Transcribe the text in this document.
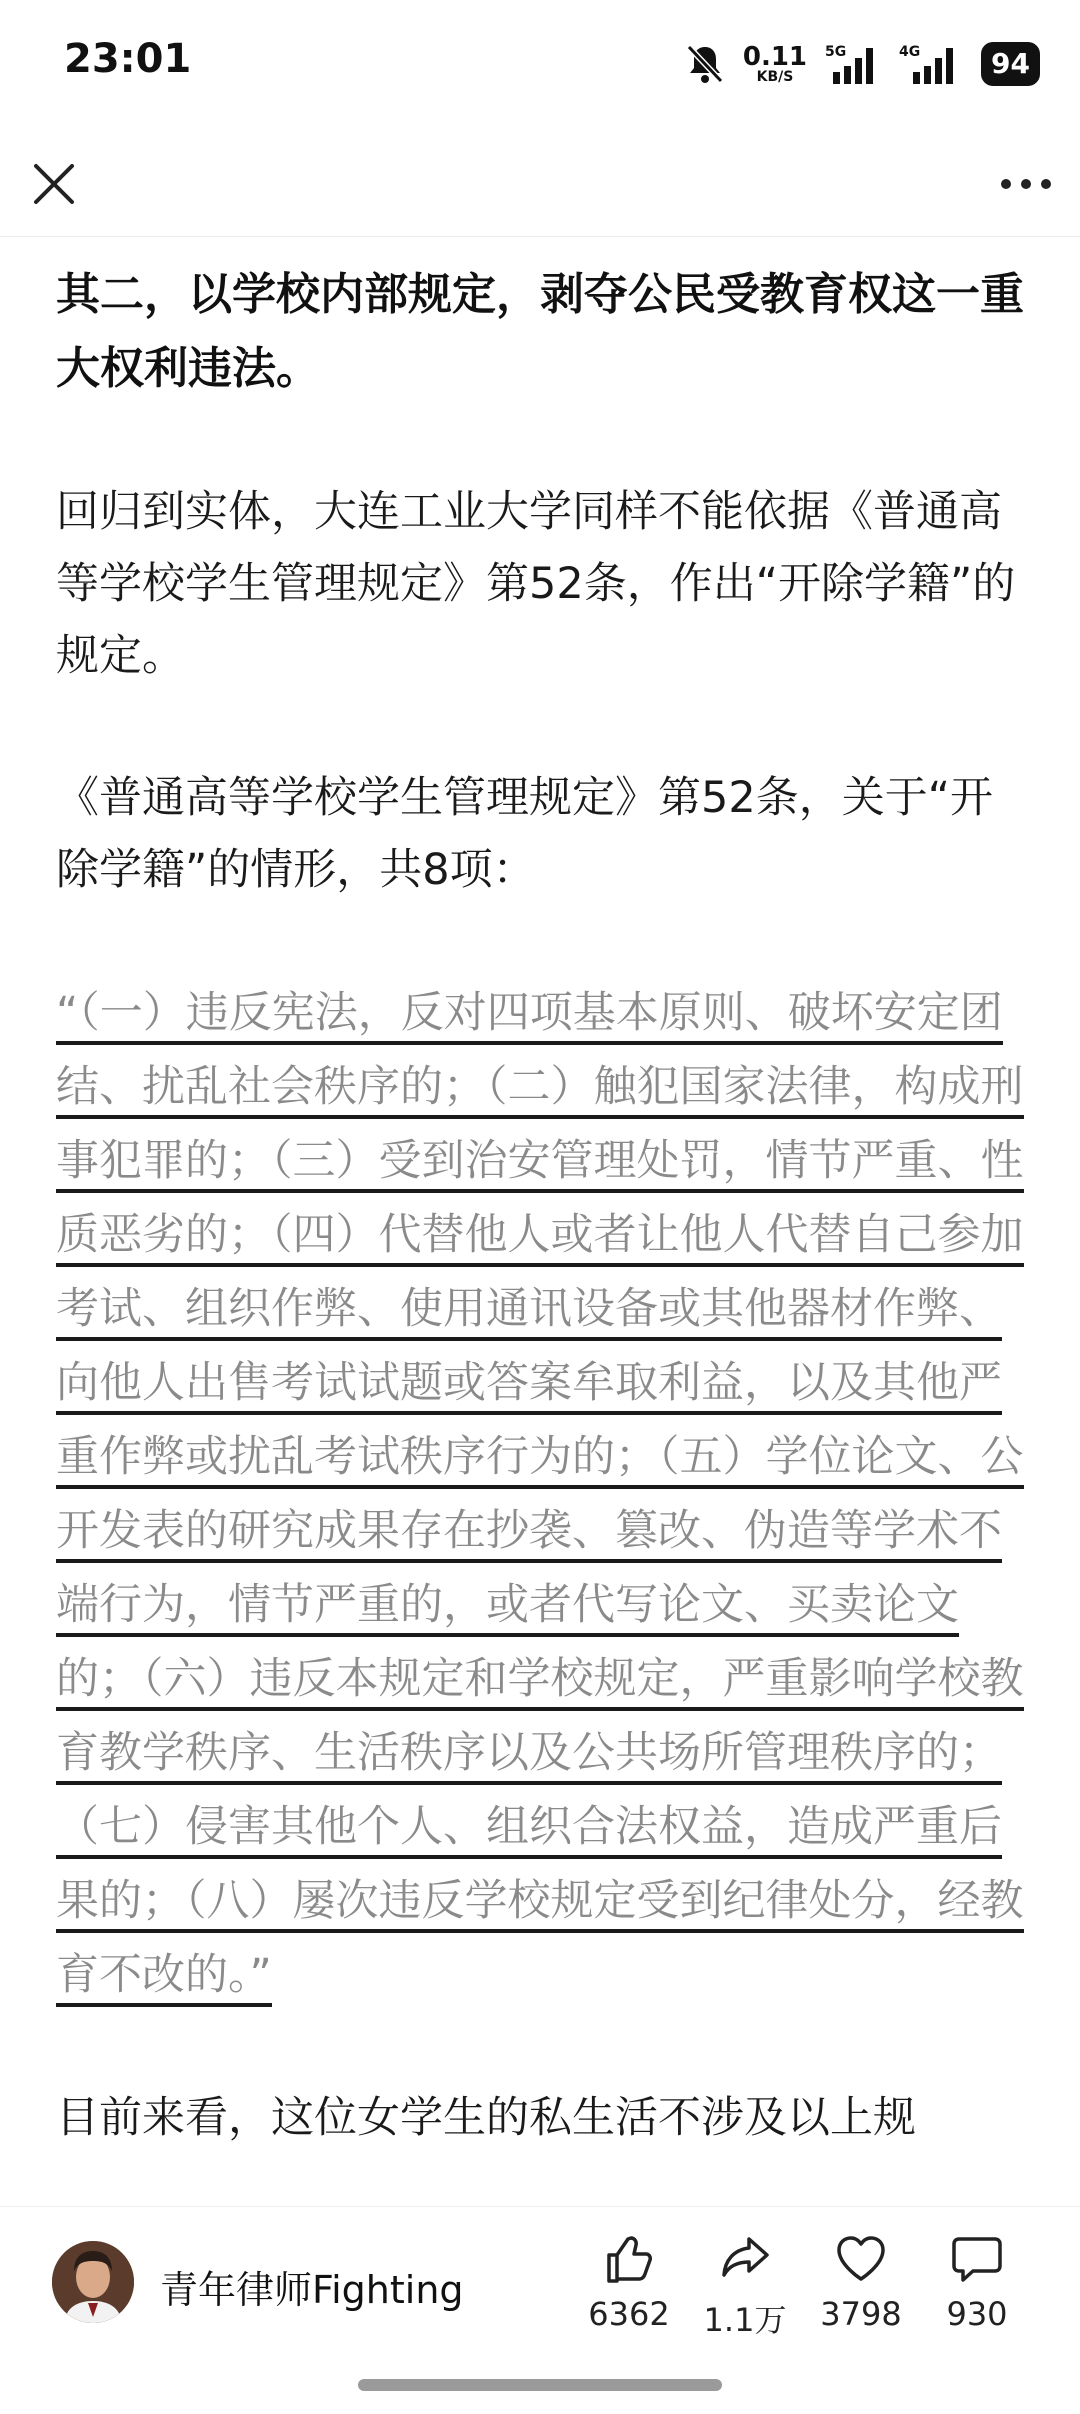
23:01	0.11
KB/S
5G	4G	94

其二，以学校内部规定，剥夺公民受教育权这一重大权利违法。

回归到实体，大连工业大学同样不能依据《普通高等学校学生管理规定》第52条，作出“开除学籍”的规定。

《普通高等学校学生管理规定》第52条，关于“开除学籍”的情形，共8项：

“（一）违反宪法，反对四项基本原则、破坏安定团结、扰乱社会秩序的；（二）触犯国家法律，构成刑事犯罪的；（三）受到治安管理处罚，情节严重、性质恶劣的；（四）代替他人或者让他人代替自己参加考试、组织作弊、使用通讯设备或其他器材作弊、向他人出售考试试题或答案牟取利益，以及其他严重作弊或扰乱考试秩序行为的；（五）学位论文、公开发表的研究成果存在抄袭、篡改、伪造等学术不端行为，情节严重的，或者代写论文、买卖论文的；（六）违反本规定和学校规定，严重影响学校教育教学秩序、生活秩序以及公共场所管理秩序的；（七）侵害其他个人、组织合法权益，造成严重后果的；（八）屡次违反学校规定受到纪律处分，经教育不改的。”

目前来看，这位女学生的私生活不涉及以上规

青年律师Fighting
6362	1.1万	3798	930
